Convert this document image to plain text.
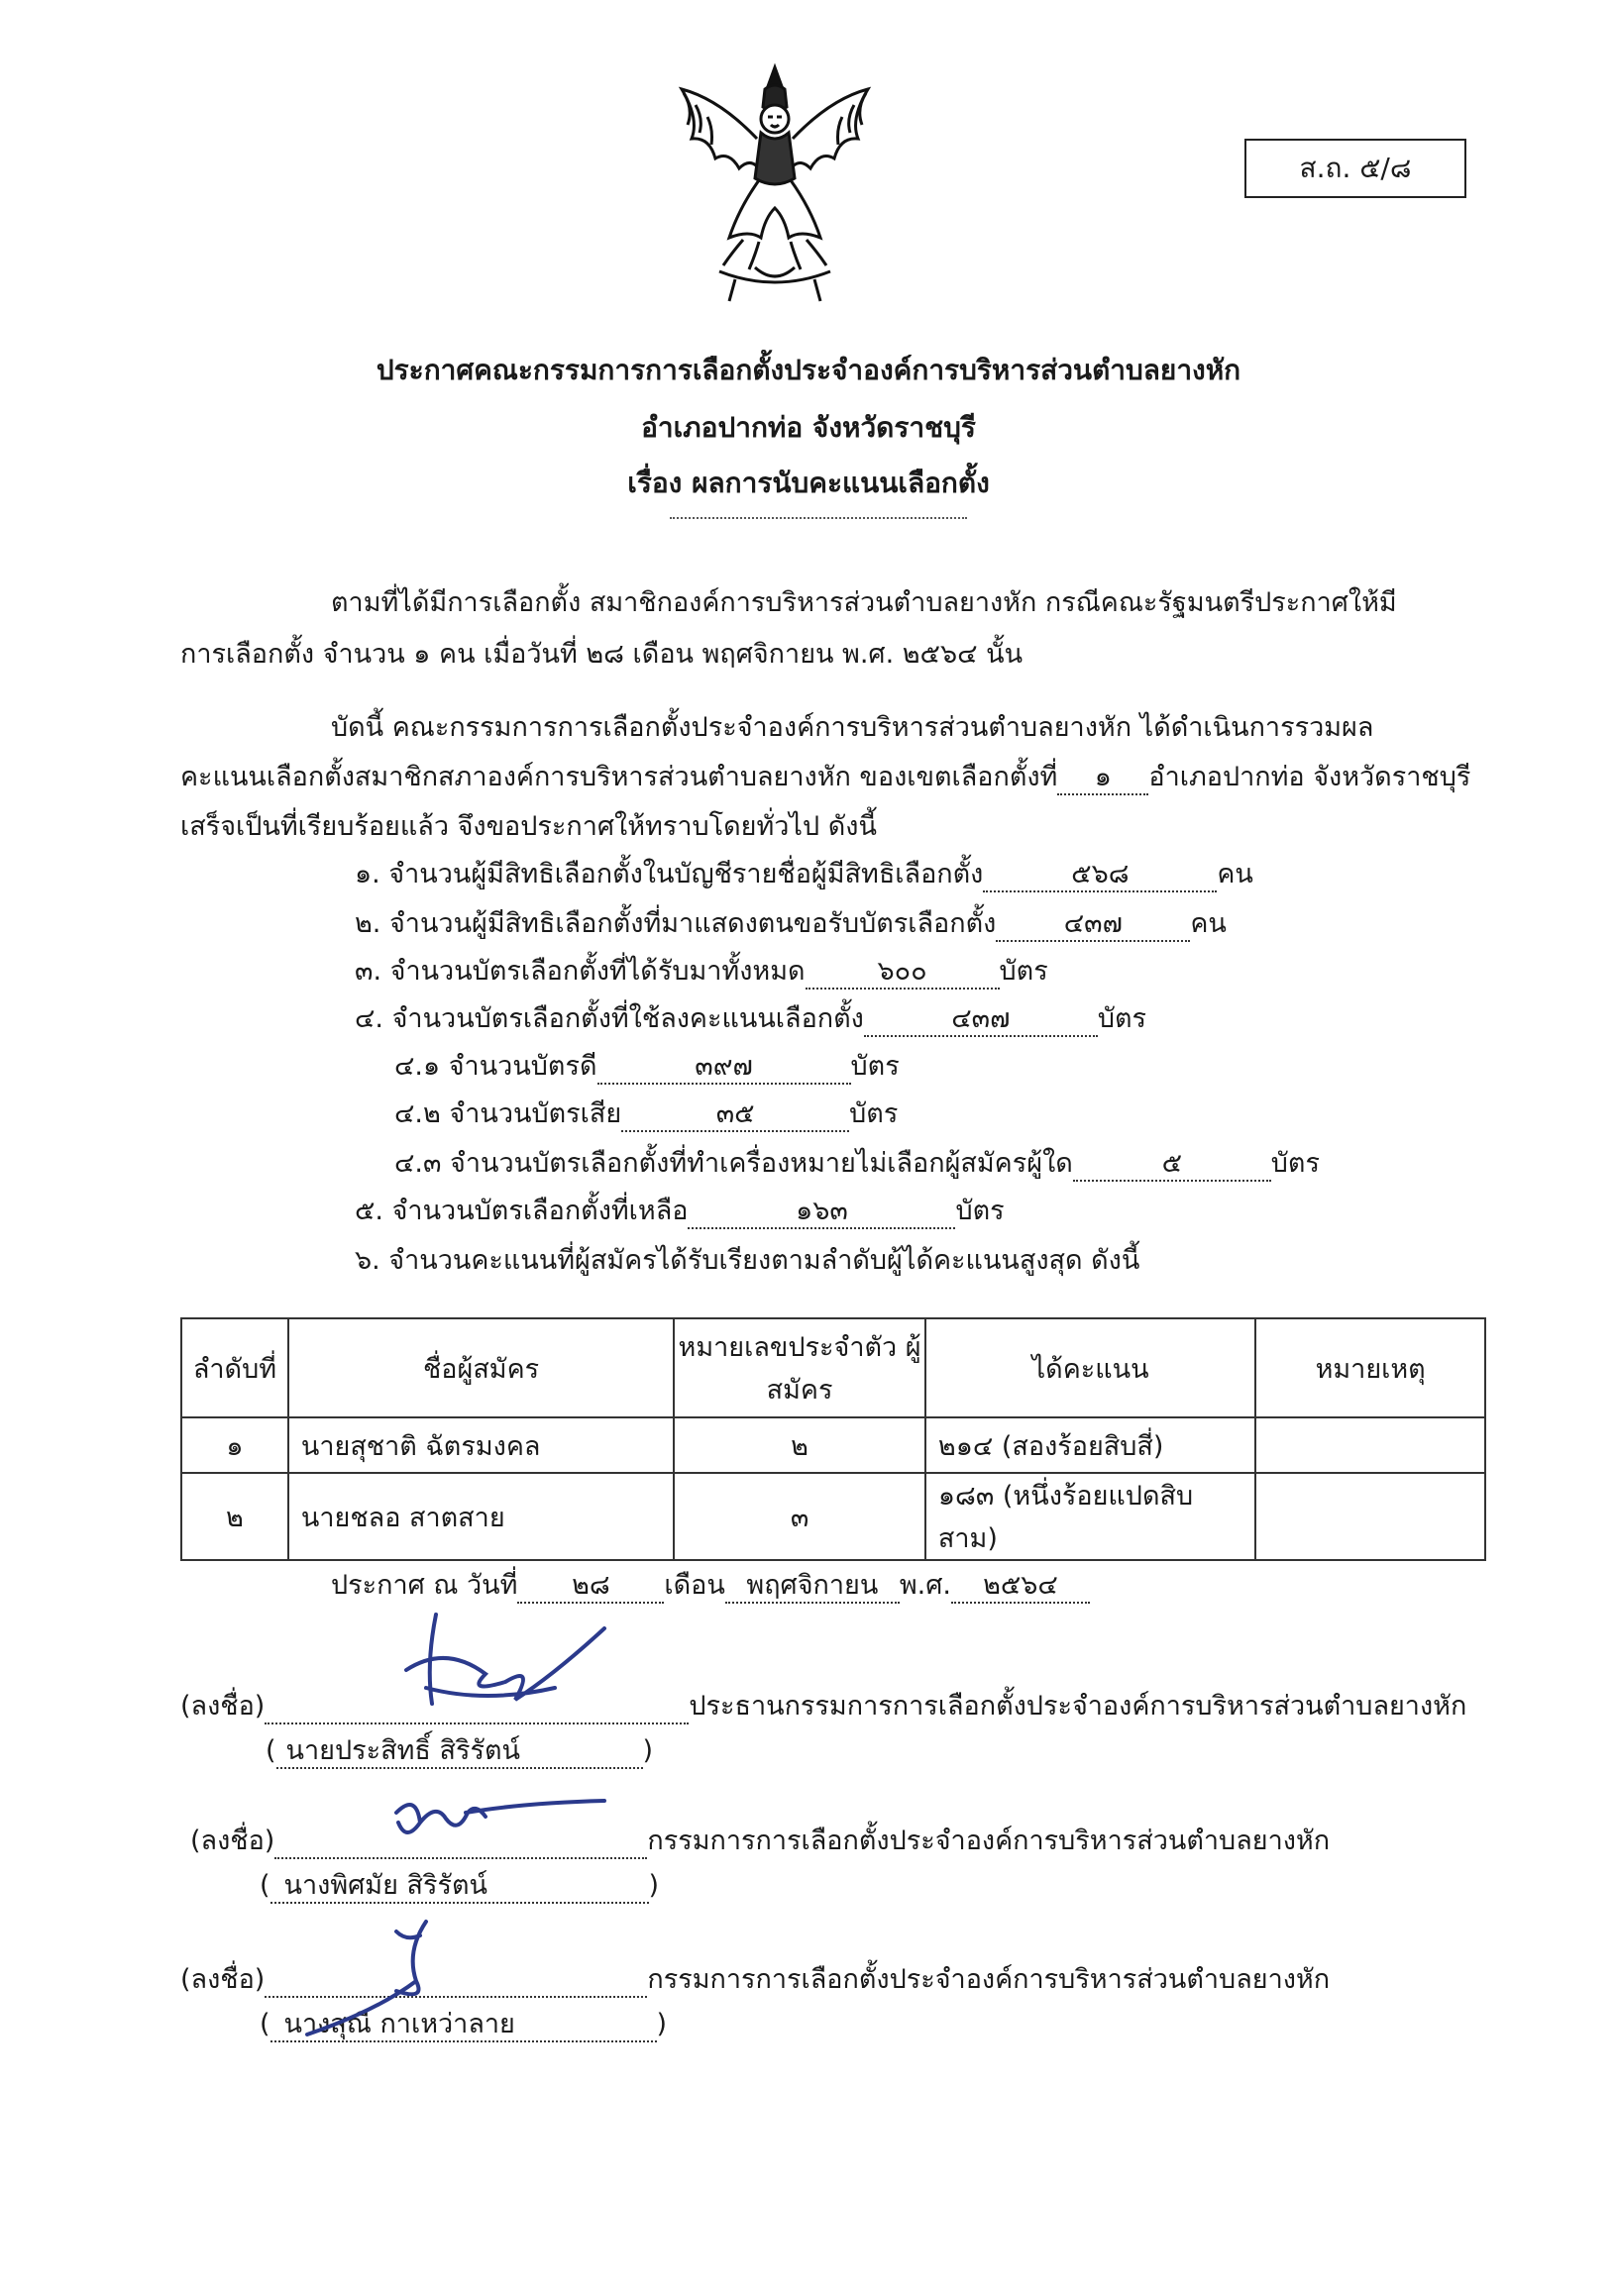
ส.ถ. ๕/๘
ประกาศคณะกรรมการการเลือกตั้งประจำองค์การบริหารส่วนตำบลยางหัก
อำเภอปากท่อ จังหวัดราชบุรี
เรื่อง ผลการนับคะแนนเลือกตั้ง
ตามที่ได้มีการเลือกตั้ง สมาชิกองค์การบริหารส่วนตำบลยางหัก กรณีคณะรัฐมนตรีประกาศให้มี
การเลือกตั้ง จำนวน ๑ คน เมื่อวันที่ ๒๘ เดือน พฤศจิกายน พ.ศ. ๒๕๖๔ นั้น
บัดนี้ คณะกรรมการการเลือกตั้งประจำองค์การบริหารส่วนตำบลยางหัก ได้ดำเนินการรวมผล
คะแนนเลือกตั้งสมาชิกสภาองค์การบริหารส่วนตำบลยางหัก ของเขตเลือกตั้งที่ ๑ อำเภอปากท่อ จังหวัดราชบุรี
เสร็จเป็นที่เรียบร้อยแล้ว จึงขอประกาศให้ทราบโดยทั่วไป ดังนี้
๑. จำนวนผู้มีสิทธิเลือกตั้งในบัญชีรายชื่อผู้มีสิทธิเลือกตั้ง	๕๖๘	คน
๒. จำนวนผู้มีสิทธิเลือกตั้งที่มาแสดงตนขอรับบัตรเลือกตั้ง	๔๓๗	คน
๓. จำนวนบัตรเลือกตั้งที่ได้รับมาทั้งหมด	๖๐๐	บัตร
๔. จำนวนบัตรเลือกตั้งที่ใช้ลงคะแนนเลือกตั้ง	๔๓๗	บัตร
๔.๑ จำนวนบัตรดี	๓๙๗	บัตร
๔.๒ จำนวนบัตรเสีย	๓๕	บัตร
๔.๓ จำนวนบัตรเลือกตั้งที่ทำเครื่องหมายไม่เลือกผู้สมัครผู้ใด	๕	บัตร
๕. จำนวนบัตรเลือกตั้งที่เหลือ	๑๖๓	บัตร
๖. จำนวนคะแนนที่ผู้สมัครได้รับเรียงตามลำดับผู้ได้คะแนนสูงสุด ดังนี้
ลำดับที่	ชื่อผู้สมัคร	หมายเลขประจำตัว ผู้สมัคร	ได้คะแนน	หมายเหตุ
๑	นายสุชาติ ฉัตรมงคล	๒	๒๑๔ (สองร้อยสิบสี่)	
๒	นายชลอ สาตสาย	๓	๑๘๓ (หนึ่งร้อยแปดสิบสาม)	
ประกาศ ณ วันที่ ๒๘ เดือน พฤศจิกายน พ.ศ. ๒๕๖๔
(ลงชื่อ)	ประธานกรรมการการเลือกตั้งประจำองค์การบริหารส่วนตำบลยางหัก
( นายประสิทธิ์ สิริรัตน์	)
(ลงชื่อ)	กรรมการการเลือกตั้งประจำองค์การบริหารส่วนตำบลยางหัก
( นางพิศมัย สิริรัตน์	)
(ลงชื่อ)	กรรมการการเลือกตั้งประจำองค์การบริหารส่วนตำบลยางหัก
( นางสุณี กาเหว่าลาย	)
